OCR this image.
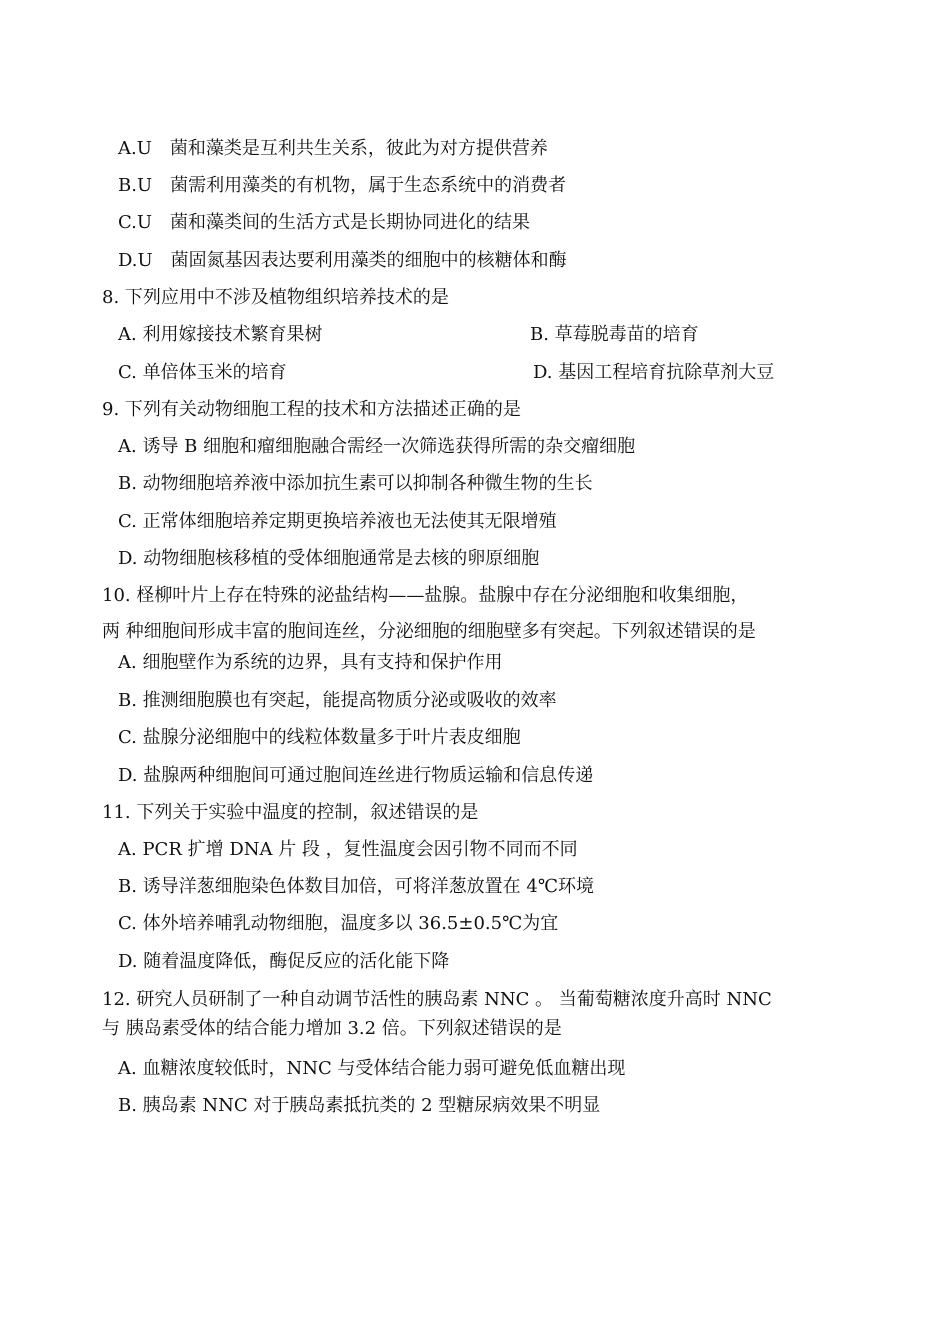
A.U　菌和藻类是互利共生关系，彼此为对方提供营养
B.U　菌需利用藻类的有机物，属于生态系统中的消费者
C.U　菌和藻类间的生活方式是长期协同进化的结果
D.U　菌固氮基因表达要利用藻类的细胞中的核糖体和酶
8. 下列应用中不涉及植物组织培养技术的是
A. 利用嫁接技术繁育果树	B. 草莓脱毒苗的培育
C. 单倍体玉米的培育	D. 基因工程培育抗除草剂大豆
9. 下列有关动物细胞工程的技术和方法描述正确的是
A. 诱导 B 细胞和瘤细胞融合需经一次筛选获得所需的杂交瘤细胞
B. 动物细胞培养液中添加抗生素可以抑制各种微生物的生长
C. 正常体细胞培养定期更换培养液也无法使其无限增殖
D. 动物细胞核移植的受体细胞通常是去核的卵原细胞
10. 柽柳叶片上存在特殊的泌盐结构——盐腺。盐腺中存在分泌细胞和收集细胞，
两 种细胞间形成丰富的胞间连丝，分泌细胞的细胞壁多有突起。下列叙述错误的是
A. 细胞壁作为系统的边界，具有支持和保护作用
B. 推测细胞膜也有突起，能提高物质分泌或吸收的效率
C. 盐腺分泌细胞中的线粒体数量多于叶片表皮细胞
D. 盐腺两种细胞间可通过胞间连丝进行物质运输和信息传递
11. 下列关于实验中温度的控制，叙述错误的是
A. PCR 扩增 DNA 片 段 ，复性温度会因引物不同而不同
B. 诱导洋葱细胞染色体数目加倍，可将洋葱放置在 4℃环境
C. 体外培养哺乳动物细胞，温度多以 36.5±0.5℃为宜
D. 随着温度降低，酶促反应的活化能下降
12. 研究人员研制了一种自动调节活性的胰岛素 NNC 。 当葡萄糖浓度升高时 NNC
与 胰岛素受体的结合能力增加 3.2 倍。下列叙述错误的是
A. 血糖浓度较低时，NNC 与受体结合能力弱可避免低血糖出现
B. 胰岛素 NNC 对于胰岛素抵抗类的 2 型糖尿病效果不明显
